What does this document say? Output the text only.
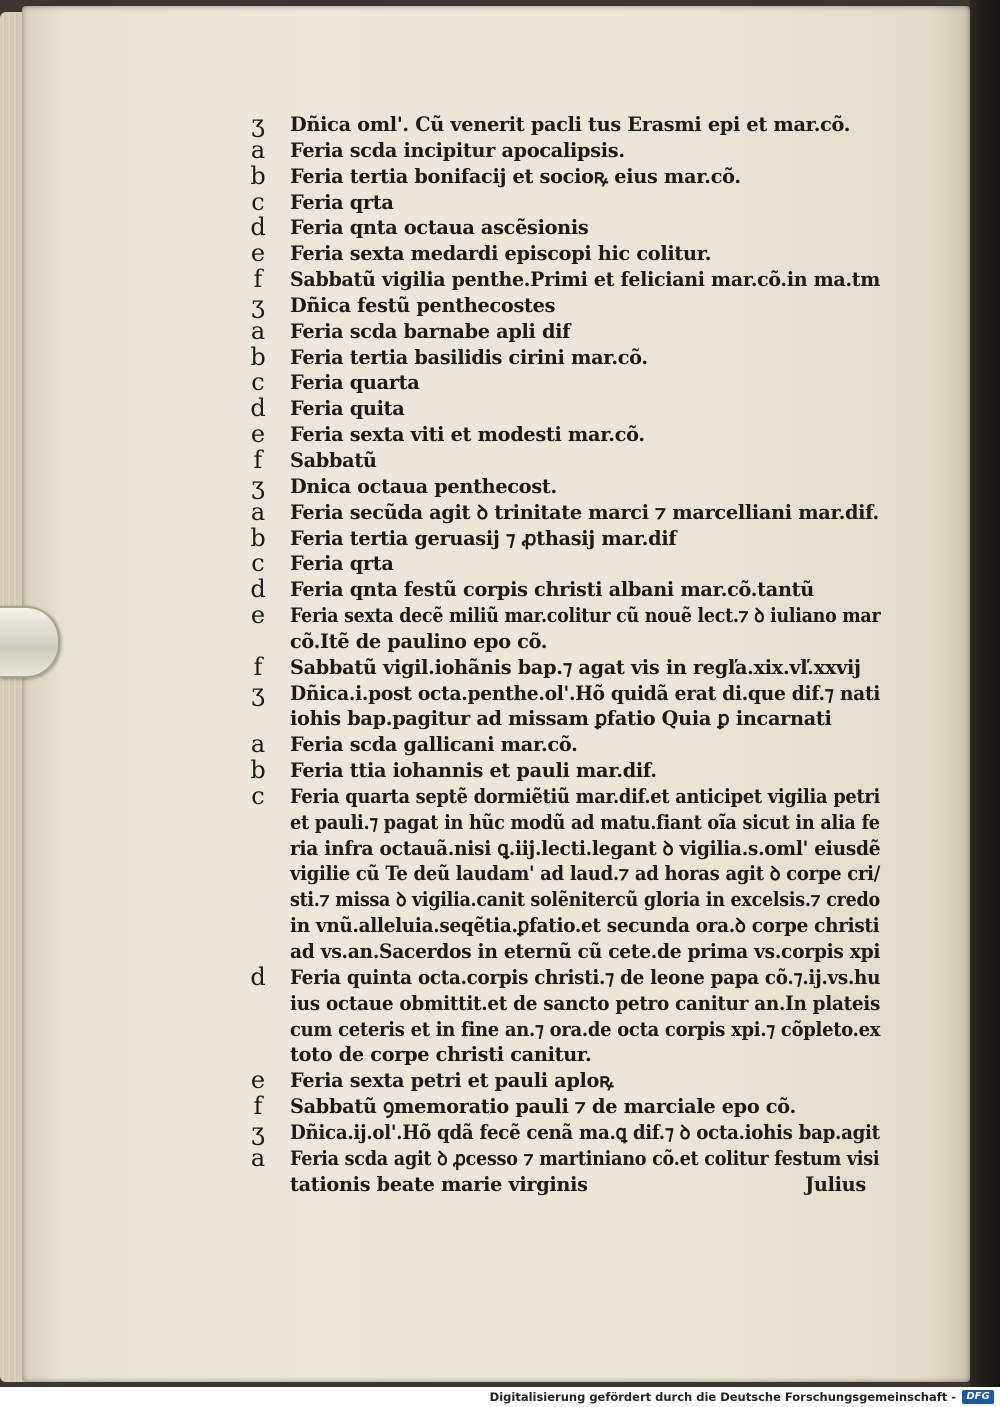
ʒ
a
b
c
d
e
f
ʒ
a
b
c
d
e
f
ʒ
a
b
c
d
e
f
ʒ
a
b
c
d
e
f
ʒ
a
Dñica oml'. Cũ venerit pacli tus Erasmi epi et mar.cõ.
Feria scda incipitur apocalipsis.
Feria tertia bonifacij et socioꝶ eius mar.cõ.
Feria qrta
Feria qnta octaua ascẽsionis
Feria sexta medardi episcopi hic colitur.
Sabbatũ vigilia penthe.Primi et feliciani mar.cõ.in ma.tm
Dñica festũ penthecostes
Feria scda barnabe apli dif
Feria tertia basilidis cirini mar.cõ.
Feria quarta
Feria quita
Feria sexta viti et modesti mar.cõ.
Sabbatũ
Dnica octaua penthecost.
Feria secũda agit ꝺ trinitate marci ⁊ marcelliani mar.dif.
Feria tertia geruasij ⁊ ꝓthasij mar.dif
Feria qrta
Feria qnta festũ corpis christi albani mar.cõ.tantũ
Feria sexta decẽ miliũ mar.colitur cũ nouẽ lect.⁊ ꝺ iuliano mar
cõ.Itẽ de paulino epo cõ.
Sabbatũ vigil.iohãnis bap.⁊ agat vis in regľa.xix.vľ.xxvij
Dñica.i.post octa.penthe.ol'.Hõ quidã erat di.que dif.⁊ nati
iohis bap.pagitur ad missam ꝑfatio Quia ꝑ incarnati
Feria scda gallicani mar.cõ.
Feria ttia iohannis et pauli mar.dif.
Feria quarta septẽ dormiẽtiũ mar.dif.et anticipet vigilia petri
et pauli.⁊ pagat in hũc modũ ad matu.fiant oĩa sicut in alia fe
ria infra octauã.nisi ꝗ.iij.lecti.legant ꝺ vigilia.s.oml' eiusdẽ
vigilie cũ Te deũ laudam' ad laud.⁊ ad horas agit ꝺ corpe cri/
sti.⁊ missa ꝺ vigilia.canit solẽnitercũ gloria in excelsis.⁊ credo
in vnũ.alleluia.seqẽtia.ꝑfatio.et secunda ora.ꝺ corpe christi
ad vs.an.Sacerdos in eternũ cũ cete.de prima vs.corpis xpi
Feria quinta octa.corpis christi.⁊ de leone papa cõ.⁊.ij.vs.hu
ius octaue obmittit.et de sancto petro canitur an.In plateis
cum ceteris et in fine an.⁊ ora.de octa corpis xpi.⁊ cõpleto.ex
toto de corpe christi canitur.
Feria sexta petri et pauli aploꝶ
Sabbatũ ꝯmemoratio pauli ⁊ de marciale epo cõ.
Dñica.ij.ol'.Hõ qdã fecẽ cenã ma.ꝗ dif.⁊ ꝺ octa.iohis bap.agit
Feria scda agit ꝺ ꝓcesso ⁊ martiniano cõ.et colitur festum visi
tationis beate marie virginis	Julius
Digitalisierung gefördert durch die Deutsche Forschungsgemeinschaft -	DFG
